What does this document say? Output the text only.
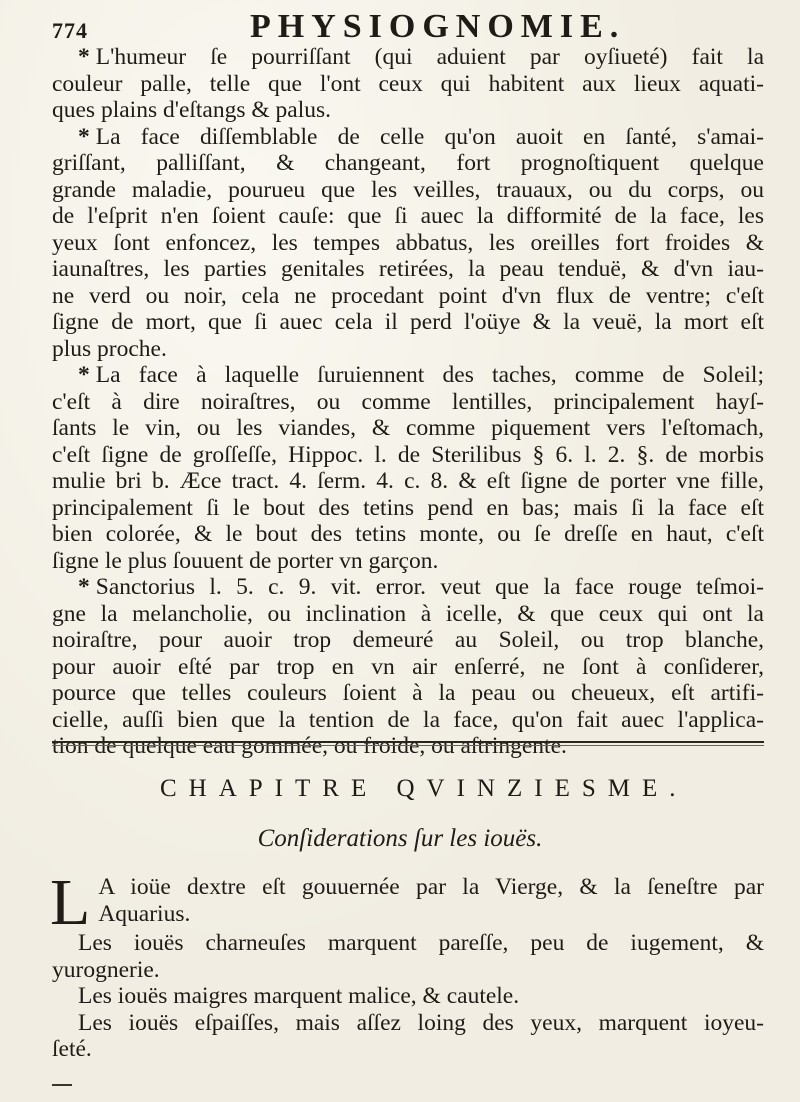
774	PHYSIOGNOMIE.

* L'humeur ſe pourriſſant (qui aduient par oyſiueté) fait la
couleur palle, telle que l'ont ceux qui habitent aux lieux aquati-
ques plains d'eſtangs & palus.

* La face diſſemblable de celle qu'on auoit en ſanté, s'amai-
griſſant, palliſſant, & changeant, fort prognoſtiquent quelque
grande maladie, pourueu que les veilles, trauaux, ou du corps, ou
de l'eſprit n'en ſoient cauſe: que ſi auec la difformité de la face, les
yeux ſont enfoncez, les tempes abbatus, les oreilles fort froides &
iaunaſtres, les parties genitales retirées, la peau tenduë, & d'vn iau-
ne verd ou noir, cela ne procedant point d'vn flux de ventre; c'eſt
ſigne de mort, que ſi auec cela il perd l'oüye & la veuë, la mort eſt
plus proche.

* La face à laquelle ſuruiennent des taches, comme de Soleil;
c'eſt à dire noiraſtres, ou comme lentilles, principalement hayſ-
ſants le vin, ou les viandes, & comme piquement vers l'eſtomach,
c'eſt ſigne de groſſeſſe, Hippoc. l. de Sterilibus § 6. l. 2. §. de morbis
mulie bri b. Æce tract. 4. ſerm. 4. c. 8. & eſt ſigne de porter vne fille,
principalement ſi le bout des tetins pend en bas; mais ſi la face eſt
bien colorée, & le bout des tetins monte, ou ſe dreſſe en haut, c'eſt
ſigne le plus ſouuent de porter vn garçon.

* Sanctorius l. 5. c. 9. vit. error. veut que la face rouge teſmoi-
gne la melancholie, ou inclination à icelle, & que ceux qui ont la
noiraſtre, pour auoir trop demeuré au Soleil, ou trop blanche,
pour auoir eſté par trop en vn air enſerré, ne ſont à conſiderer,
pource que telles couleurs ſoient à la peau ou cheueux, eſt artifi-
cielle, auſſi bien que la tention de la face, qu'on fait auec l'applica-
tion de quelque eau gommée, ou froide, ou aſtringente.

CHAPITRE QVINZIESME.
Conſiderations ſur les iouës.
L A ioüe dextre eſt gouuernée par la Vierge, & la ſeneſtre par
Aquarius.
Les iouës charneuſes marquent pareſſe, peu de iugement, &
yurognerie.
Les iouës maigres marquent malice, & cautele.
Les iouës eſpaiſſes, mais aſſez loing des yeux, marquent ioyeu-
ſeté.
